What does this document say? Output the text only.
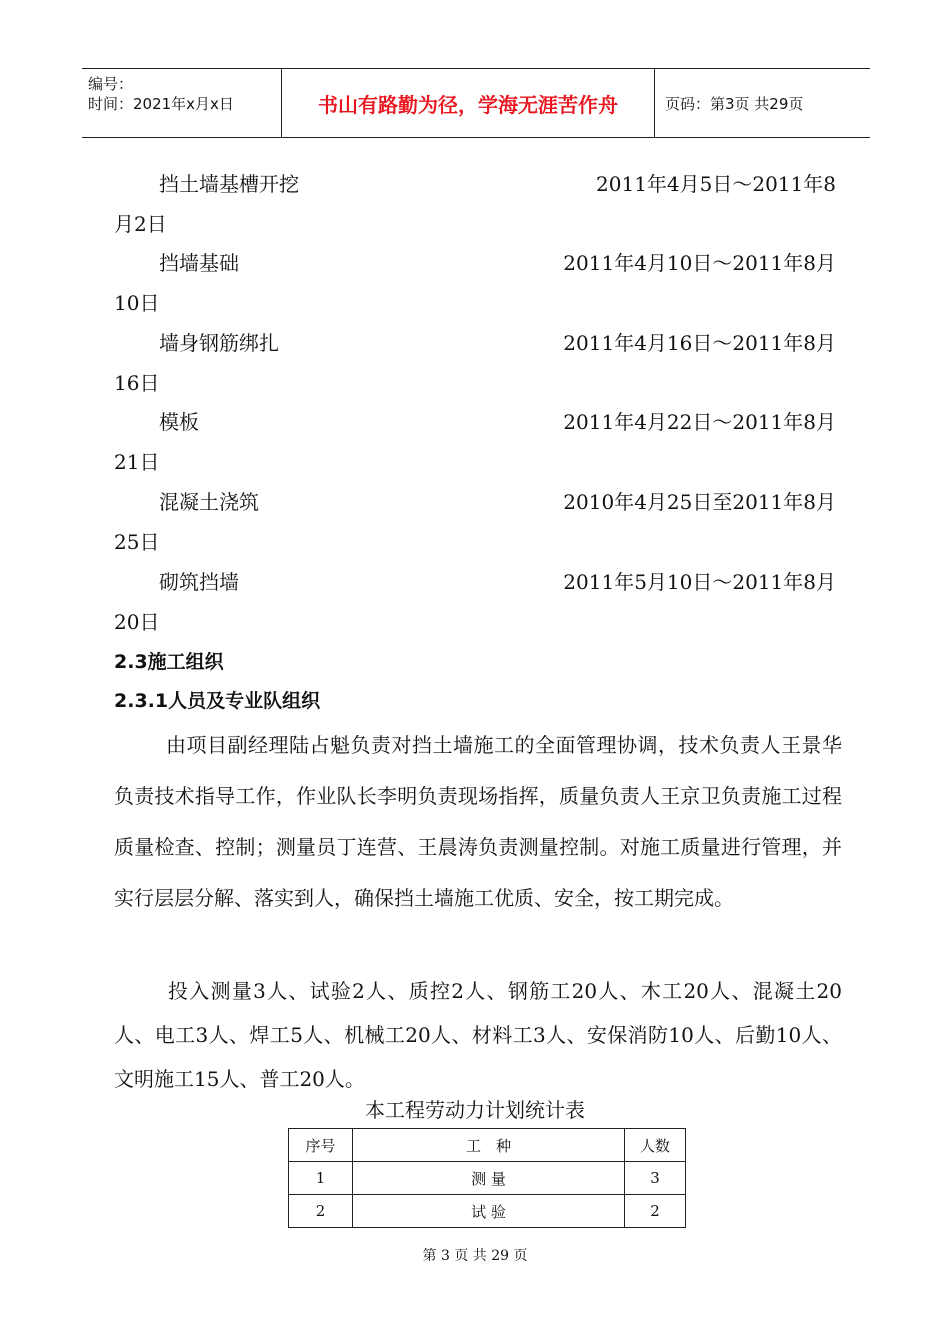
编号：
时间：2021年x月x日	书山有路勤为径，学海无涯苦作舟	页码：第3页 共29页
挡土墙基槽开挖	2011年4月5日～2011年8
月2日
挡墙基础	2011年4月10日～2011年8月
10日
墙身钢筋绑扎	2011年4月16日～2011年8月
16日
模板	2011年4月22日～2011年8月
21日
混凝土浇筑	2010年4月25日至2011年8月
25日
砌筑挡墙	2011年5月10日～2011年8月
20日
2.3施工组织
2.3.1人员及专业队组织
由项目副经理陆占魁负责对挡土墙施工的全面管理协调，技术负责人王景华负责技术指导工作，作业队长李明负责现场指挥，质量负责人王京卫负责施工过程质量检查、控制；测量员丁连营、王晨涛负责测量控制。对施工质量进行管理，并实行层层分解、落实到人，确保挡土墙施工优质、安全，按工期完成。
投入测量3人、试验2人、质控2人、钢筋工20人、木工20人、混凝土20人、电工3人、焊工5人、机械工20人、材料工3人、安保消防10人、后勤10人、文明施工15人、普工20人。
本工程劳动力计划统计表
序号	工　种	人数
1	测 量	3
2	试 验	2
第 3 页 共 29 页
